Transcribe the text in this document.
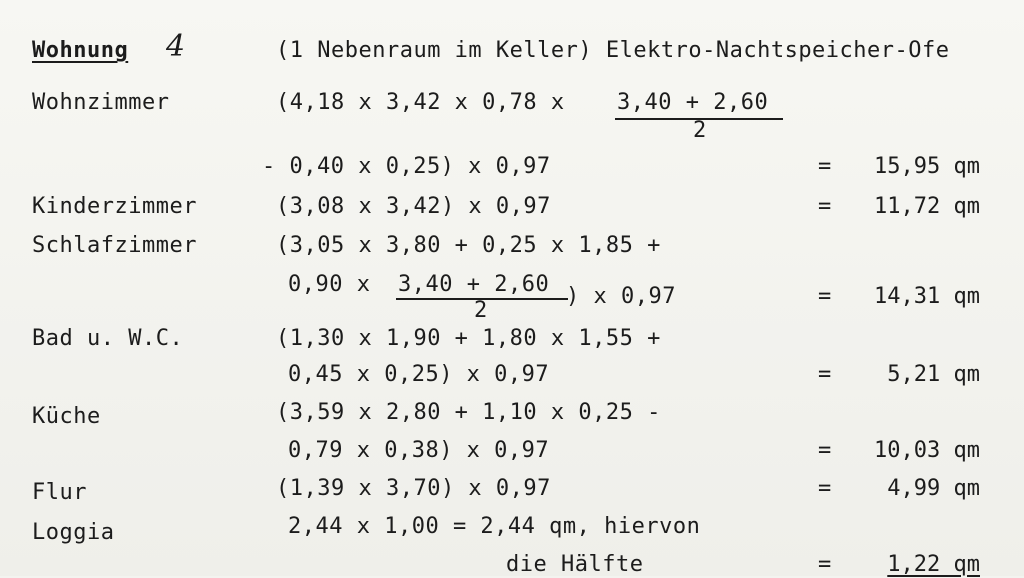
Wohnung 4	(1 Nebenraum im Keller) Elektro-Nachtspeicher-Ofe
Wohnzimmer	(4,18 x 3,42 x 0,78 x 3,40 + 2,60
2
- 0,40 x 0,25) x 0,97	=	15,95 qm
Kinderzimmer	(3,08 x 3,42) x 0,97	=	11,72 qm
Schlafzimmer	(3,05 x 3,80 + 0,25 x 1,85 +
0,90 x 3,40 + 2,60
2
) x 0,97	=	14,31 qm
Bad u. W.C.	(1,30 x 1,90 + 1,80 x 1,55 +
0,45 x 0,25) x 0,97	=	5,21 qm
Küche	(3,59 x 2,80 + 1,10 x 0,25 -
0,79 x 0,38) x 0,97	=	10,03 qm
Flur	(1,39 x 3,70) x 0,97	=	4,99 qm
Loggia	2,44 x 1,00 = 2,44 qm, hiervon
die Hälfte	=	1,22 qm
